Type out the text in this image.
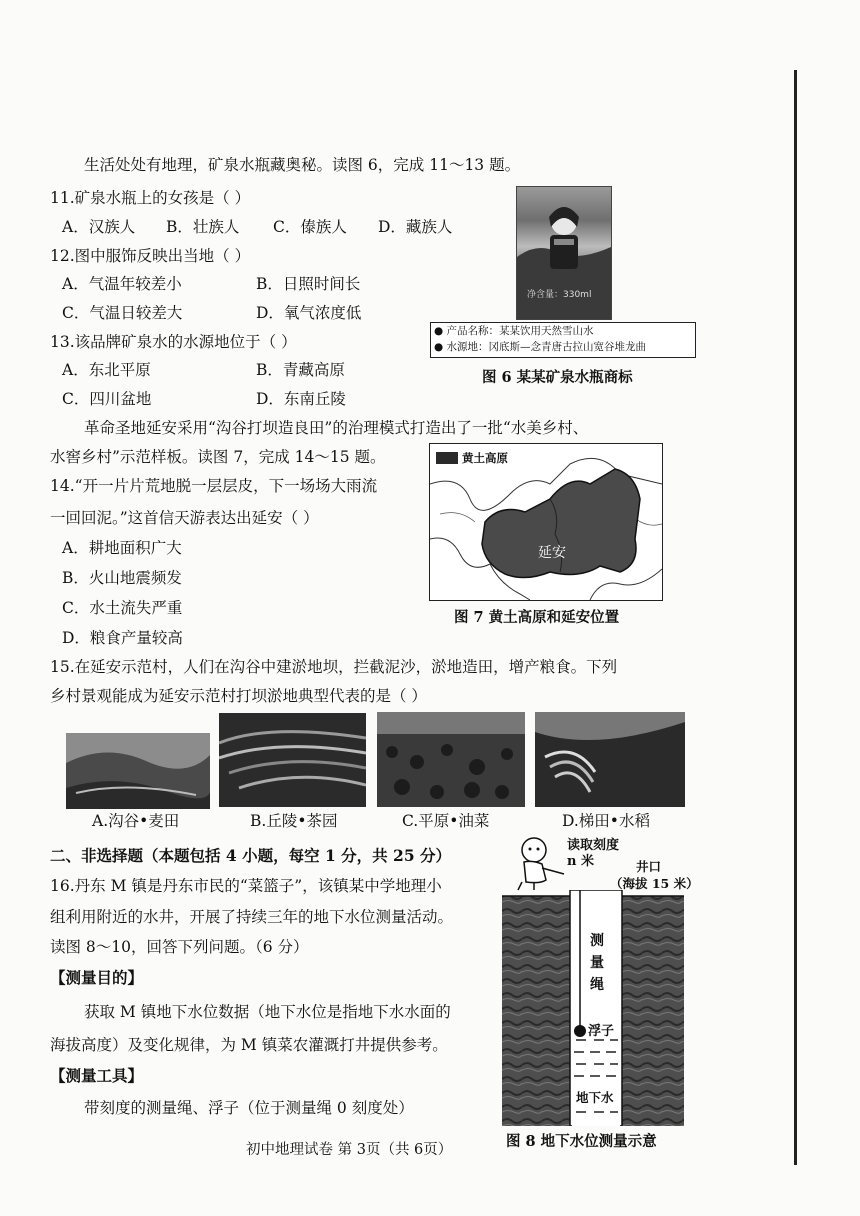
生活处处有地理，矿泉水瓶藏奥秘。读图 6，完成 11～13 题。
11.矿泉水瓶上的女孩是（ ）
A．汉族人 B．壮族人 C．傣族人 D．藏族人
12.图中服饰反映出当地（ ）
A．气温年较差小	B．日照时间长
C．气温日较差大	D．氧气浓度低
13.该品牌矿泉水的水源地位于（ ）
A．东北平原	B．青藏高原
C．四川盆地	D．东南丘陵
净含量：330ml
● 产品名称：某某饮用天然雪山水
● 水源地：冈底斯—念青唐古拉山宽谷堆龙曲
图 6 某某矿泉水瓶商标
革命圣地延安采用“沟谷打坝造良田”的治理模式打造出了一批“水美乡村、
水窖乡村”示范样板。读图 7，完成 14～15 题。
14.“开一片片荒地脱一层层皮，下一场场大雨流
一回回泥。”这首信天游表达出延安（ ）
A．耕地面积广大
B．火山地震频发
C．水土流失严重
D．粮食产量较高
黄土高原
延安
图 7 黄土高原和延安位置
15.在延安示范村，人们在沟谷中建淤地坝，拦截泥沙，淤地造田，增产粮食。下列
乡村景观能成为延安示范村打坝淤地典型代表的是（ ）
A.沟谷•麦田	B.丘陵•茶园	C.平原•油菜	D.梯田•水稻
二、非选择题（本题包括 4 小题，每空 1 分，共 25 分）
16.丹东 M 镇是丹东市民的“菜篮子”，该镇某中学地理小
组利用附近的水井，开展了持续三年的地下水位测量活动。
读图 8～10，回答下列问题。（6 分）
【测量目的】
获取 M 镇地下水位数据（地下水位是指地下水水面的
海拔高度）及变化规律，为 M 镇菜农灌溉打井提供参考。
【测量工具】
带刻度的测量绳、浮子（位于测量绳 0 刻度处）
测
量
绳
浮子
地下水
读取刻度
n 米	井口
（海拔 15 米）
图 8 地下水位测量示意
初中地理试卷 第 3页（共 6页）
